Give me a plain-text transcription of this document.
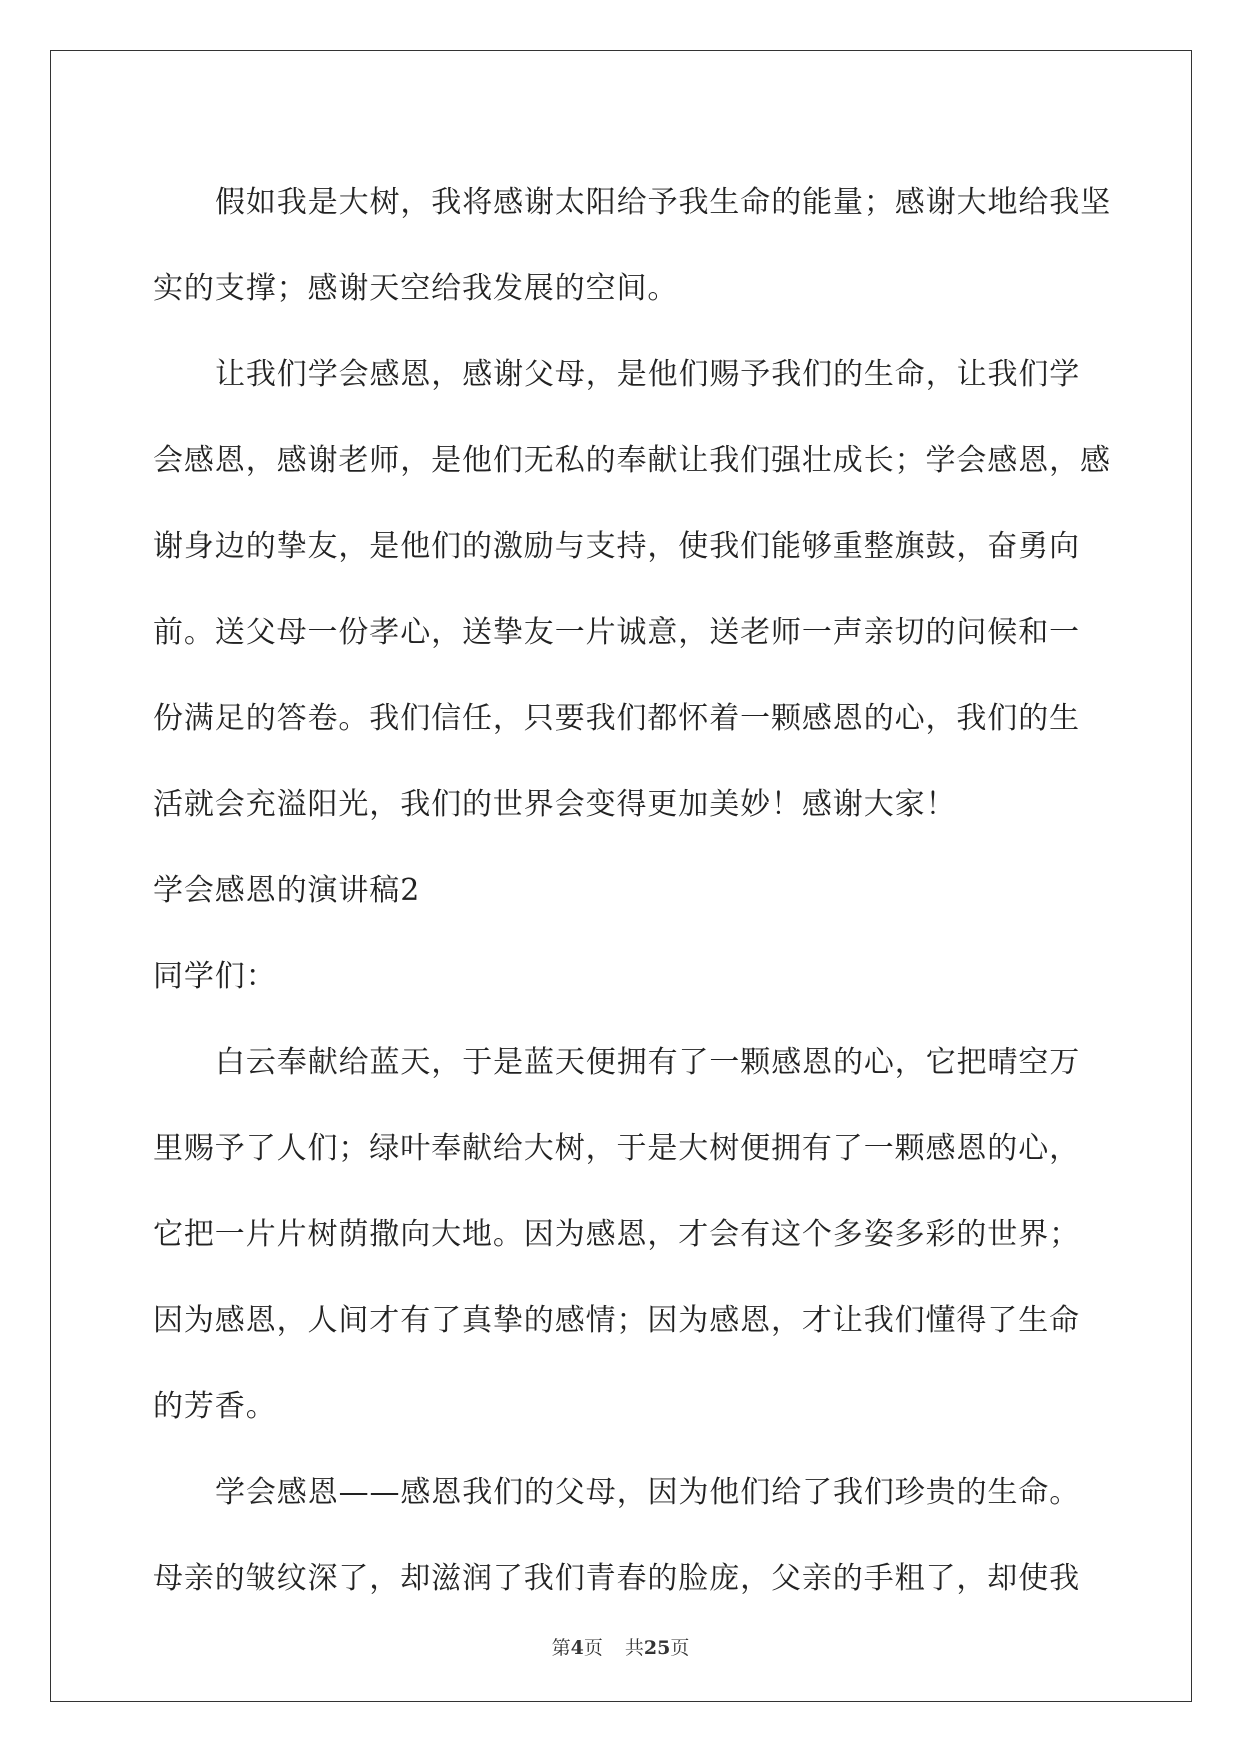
假如我是大树，我将感谢太阳给予我生命的能量；感谢大地给我坚
实的支撑；感谢天空给我发展的空间。
让我们学会感恩，感谢父母，是他们赐予我们的生命，让我们学
会感恩，感谢老师，是他们无私的奉献让我们强壮成长；学会感恩，感
谢身边的挚友，是他们的激励与支持，使我们能够重整旗鼓，奋勇向
前。送父母一份孝心，送挚友一片诚意，送老师一声亲切的问候和一
份满足的答卷。我们信任，只要我们都怀着一颗感恩的心，我们的生
活就会充溢阳光，我们的世界会变得更加美妙！感谢大家！
学会感恩的演讲稿2
同学们：
白云奉献给蓝天，于是蓝天便拥有了一颗感恩的心，它把晴空万
里赐予了人们；绿叶奉献给大树，于是大树便拥有了一颗感恩的心，
它把一片片树荫撒向大地。因为感恩，才会有这个多姿多彩的世界；
因为感恩，人间才有了真挚的感情；因为感恩，才让我们懂得了生命
的芳香。
学会感恩——感恩我们的父母，因为他们给了我们珍贵的生命。
母亲的皱纹深了，却滋润了我们青春的脸庞，父亲的手粗了，却使我
第4页 共25页
